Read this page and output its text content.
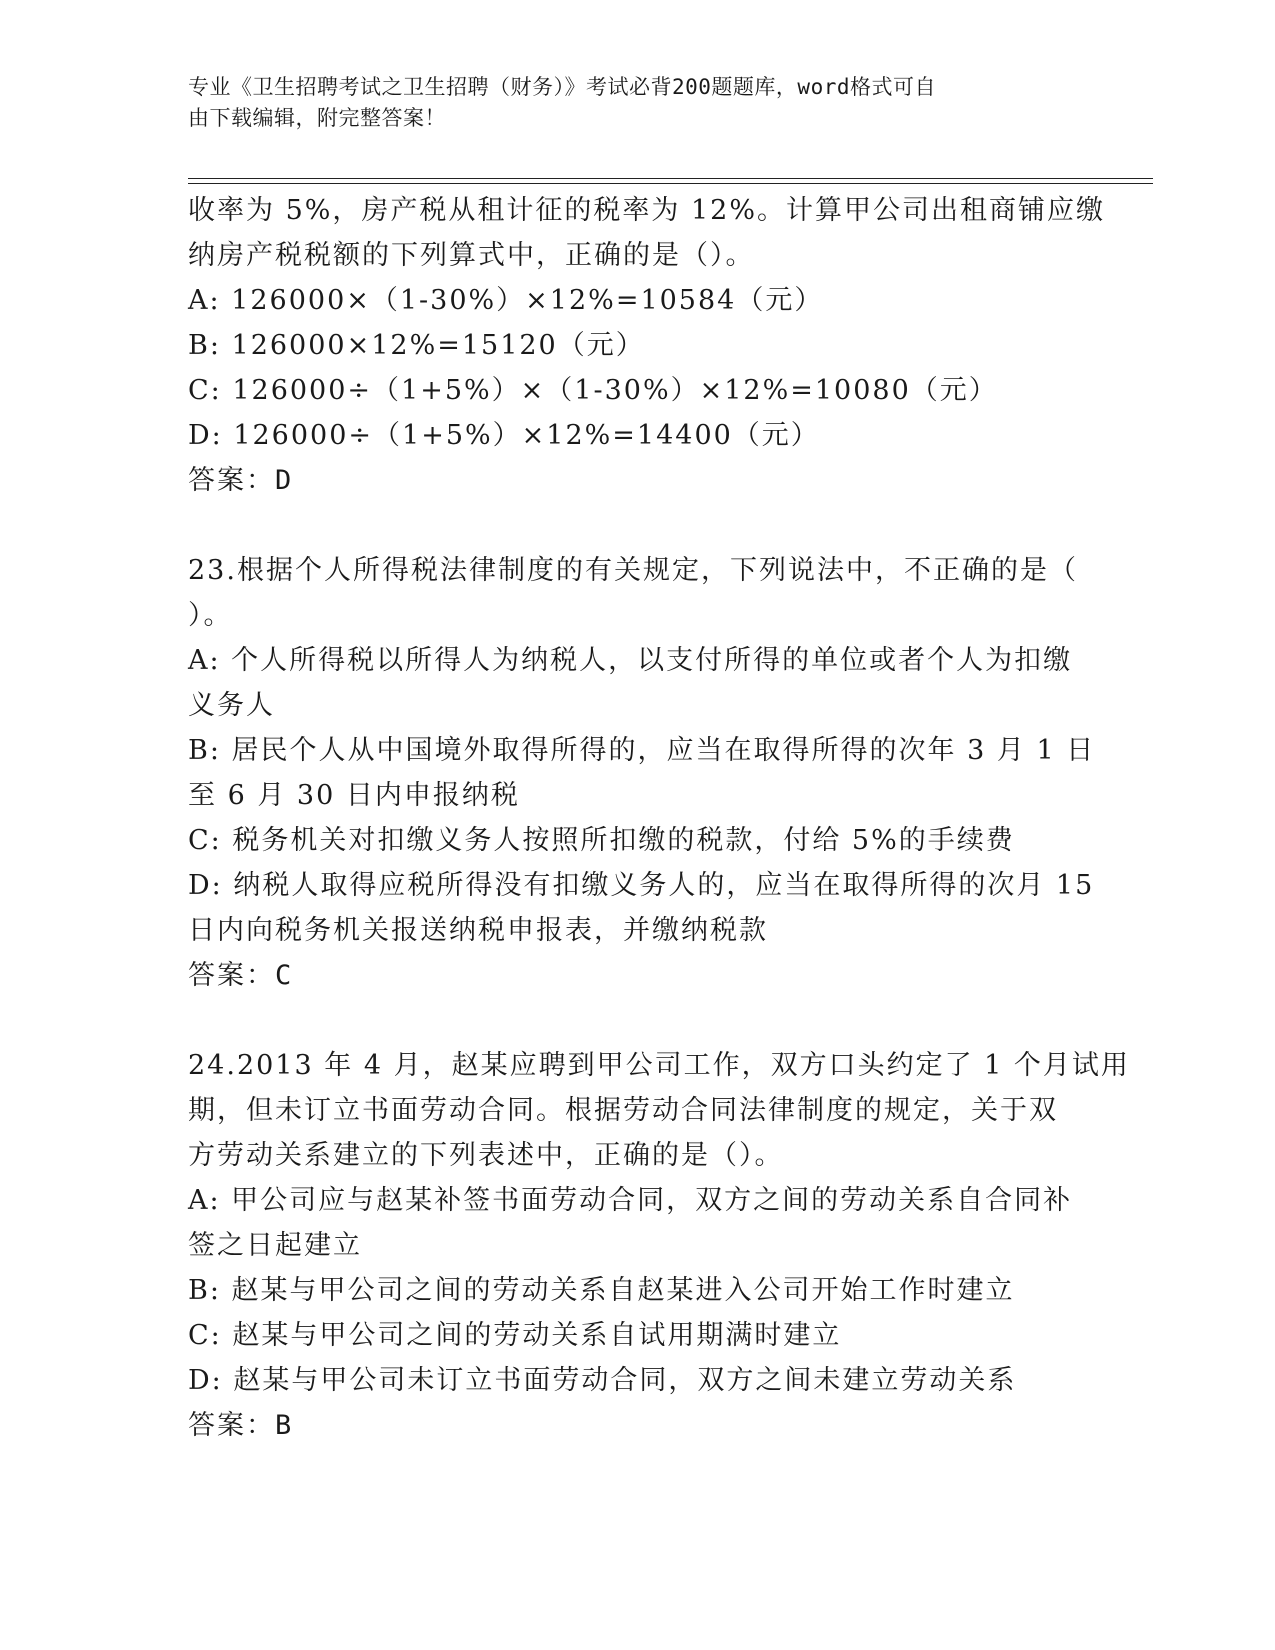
专业《卫生招聘考试之卫生招聘（财务）》考试必背200题题库，word格式可自
由下载编辑，附完整答案！
收率为 5%，房产税从租计征的税率为 12%。计算甲公司出租商铺应缴
纳房产税税额的下列算式中，正确的是（）。
A: 126000×（1-30%）×12%=10584（元）
B: 126000×12%=15120（元）
C: 126000÷（1+5%）×（1-30%）×12%=10080（元）
D: 126000÷（1+5%）×12%=14400（元）
答案：D
23.根据个人所得税法律制度的有关规定，下列说法中，不正确的是（
）。
A: 个人所得税以所得人为纳税人，以支付所得的单位或者个人为扣缴
义务人
B: 居民个人从中国境外取得所得的，应当在取得所得的次年 3 月 1 日
至 6 月 30 日内申报纳税
C: 税务机关对扣缴义务人按照所扣缴的税款，付给 5%的手续费
D: 纳税人取得应税所得没有扣缴义务人的，应当在取得所得的次月 15
日内向税务机关报送纳税申报表，并缴纳税款
答案：C
24.2013 年 4 月，赵某应聘到甲公司工作，双方口头约定了 1 个月试用
期，但未订立书面劳动合同。根据劳动合同法律制度的规定，关于双
方劳动关系建立的下列表述中，正确的是（）。
A: 甲公司应与赵某补签书面劳动合同，双方之间的劳动关系自合同补
签之日起建立
B: 赵某与甲公司之间的劳动关系自赵某进入公司开始工作时建立
C: 赵某与甲公司之间的劳动关系自试用期满时建立
D: 赵某与甲公司未订立书面劳动合同，双方之间未建立劳动关系
答案：B
